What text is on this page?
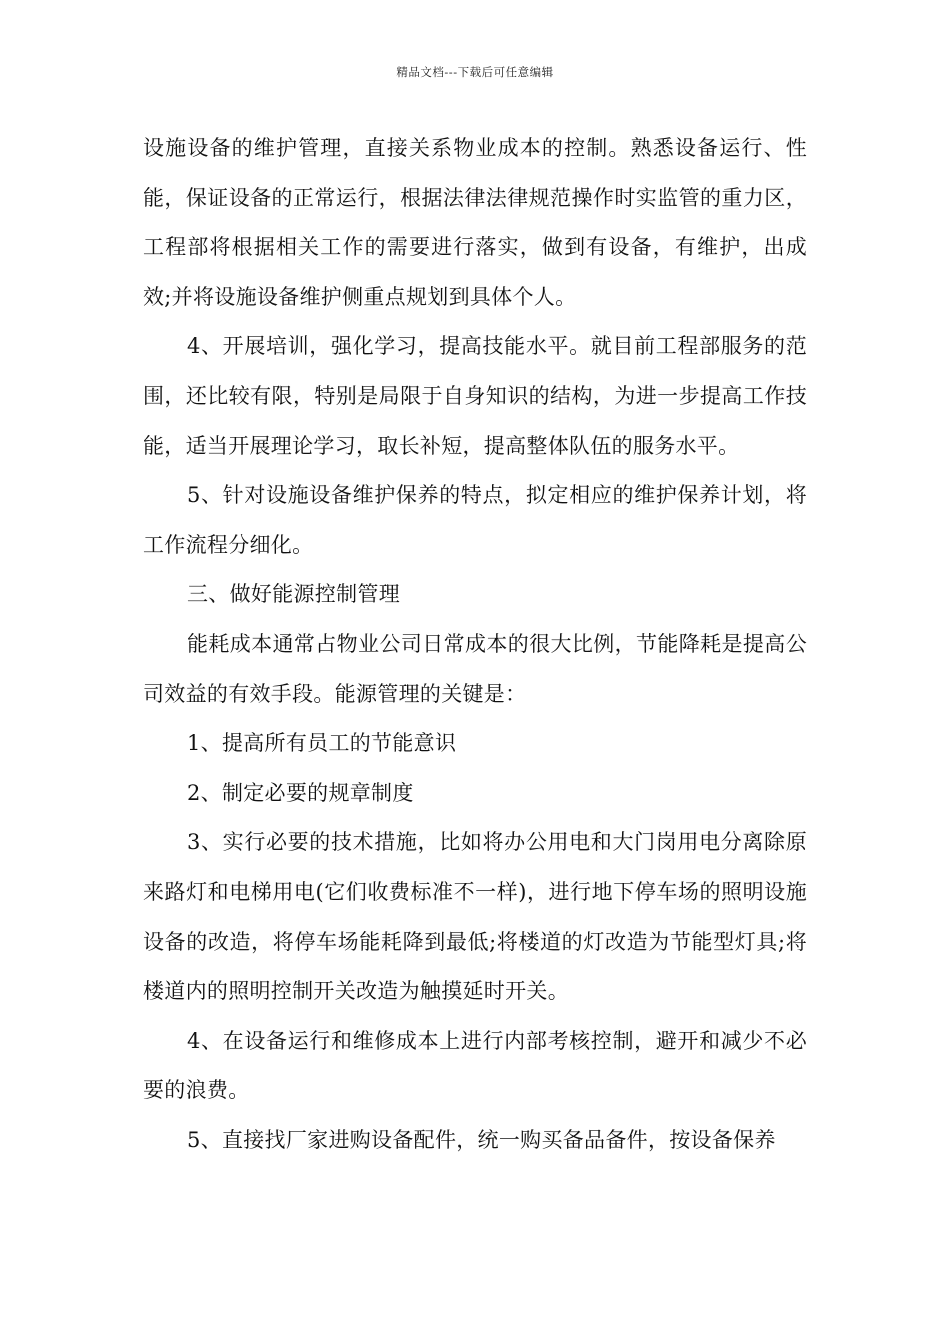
精品文档---下载后可任意编辑

设施设备的维护管理，直接关系物业成本的控制。熟悉设备运行、性能，保证设备的正常运行，根据法律法律规范操作时实监管的重力区，工程部将根据相关工作的需要进行落实，做到有设备，有维护，出成效;并将设施设备维护侧重点规划到具体个人。

4、开展培训，强化学习，提高技能水平。就目前工程部服务的范围，还比较有限，特别是局限于自身知识的结构，为进一步提高工作技能，适当开展理论学习，取长补短，提高整体队伍的服务水平。

5、针对设施设备维护保养的特点，拟定相应的维护保养计划，将工作流程分细化。

三、做好能源控制管理

能耗成本通常占物业公司日常成本的很大比例，节能降耗是提高公司效益的有效手段。能源管理的关键是：

1、提高所有员工的节能意识

2、制定必要的规章制度

3、实行必要的技术措施，比如将办公用电和大门岗用电分离除原来路灯和电梯用电(它们收费标准不一样)，进行地下停车场的照明设施设备的改造，将停车场能耗降到最低;将楼道的灯改造为节能型灯具;将楼道内的照明控制开关改造为触摸延时开关。

4、在设备运行和维修成本上进行内部考核控制，避开和减少不必要的浪费。

5、直接找厂家进购设备配件，统一购买备品备件，按设备保养
